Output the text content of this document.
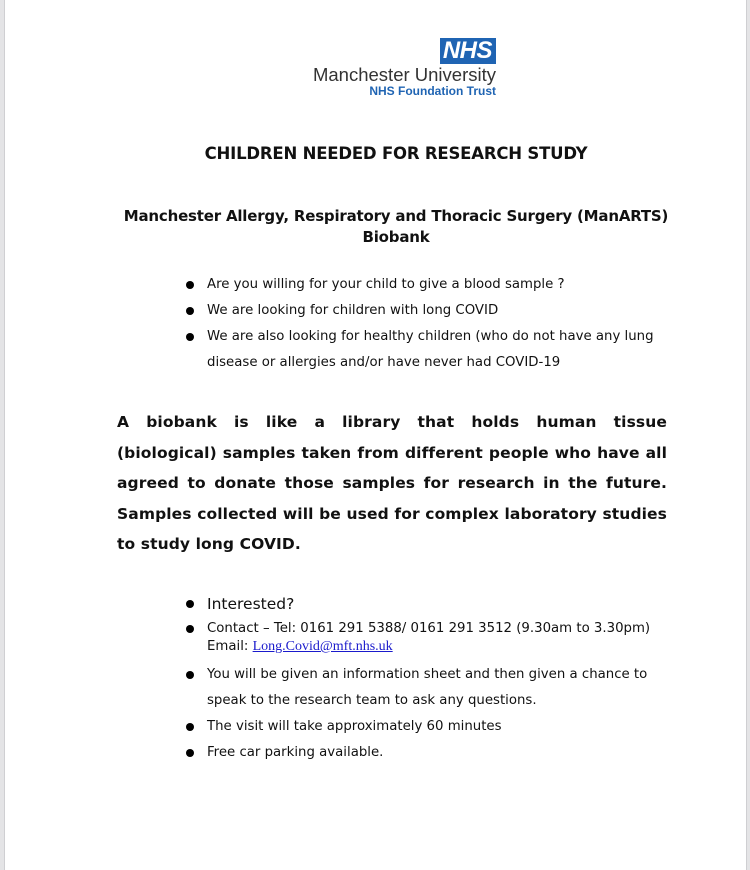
NHS
Manchester University
NHS Foundation Trust
CHILDREN NEEDED FOR RESEARCH STUDY
Manchester Allergy, Respiratory and Thoracic Surgery (ManARTS)
Biobank
Are you willing for your child to give a blood sample ?
We are looking for children with long COVID
We are also looking for healthy children (who do not have any lung disease or allergies and/or have never had COVID-19
A biobank is like a library that holds human tissue (biological) samples taken from different people who have all agreed to donate those samples for research in the future. Samples collected will be used for complex laboratory studies to study long COVID.
Interested?
Contact – Tel: 0161 291 5388/ 0161 291 3512 (9.30am to 3.30pm)
Email: Long.Covid@mft.nhs.uk
You will be given an information sheet and then given a chance to speak to the research team to ask any questions.
The visit will take approximately 60 minutes
Free car parking available.
